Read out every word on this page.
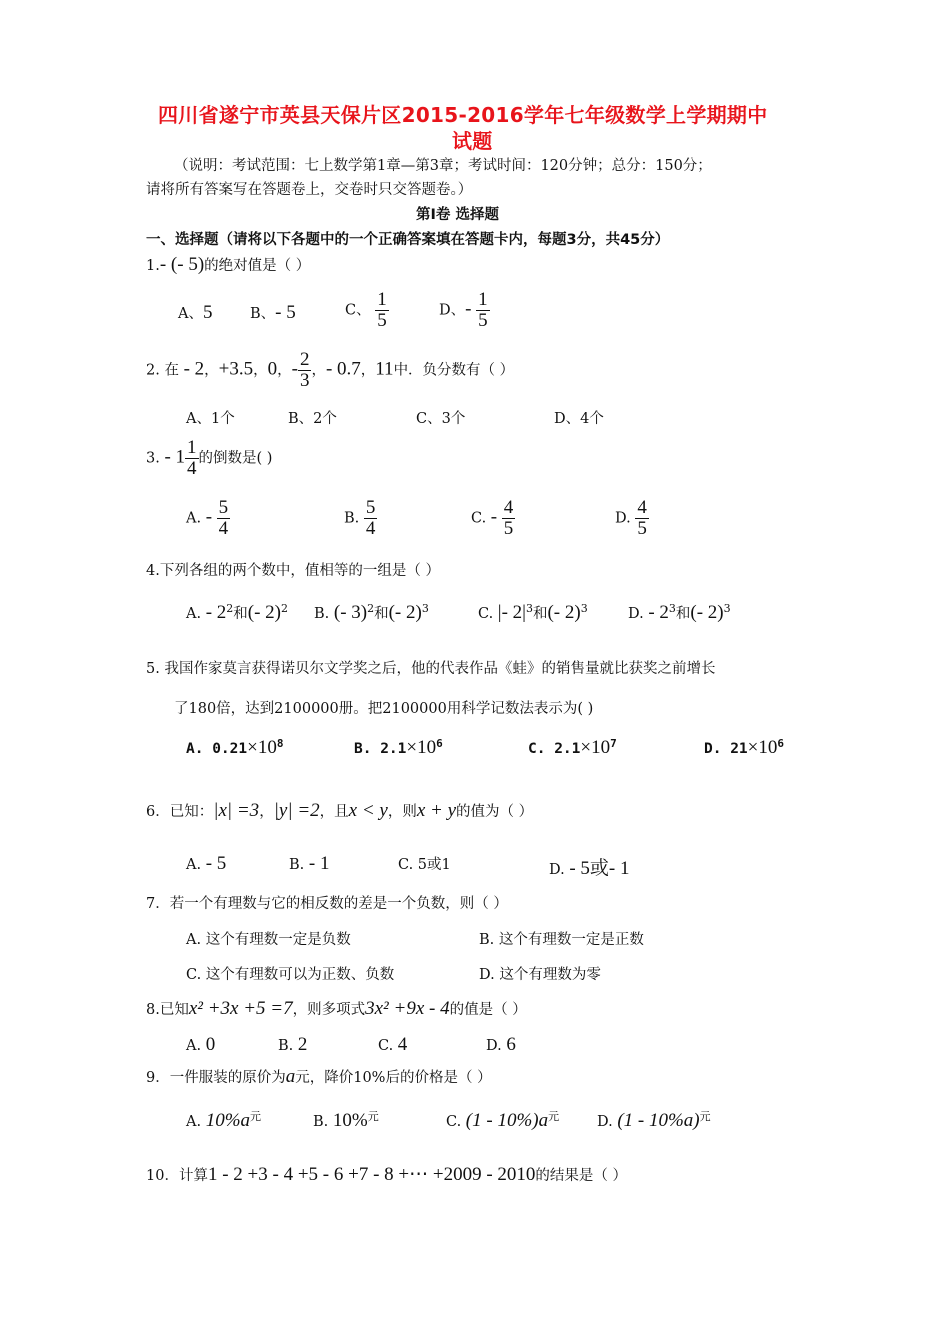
四川省遂宁市英县天保片区2015-2016学年七年级数学上学期期中
试题
（说明：考试范围：七上数学第1章—第3章；考试时间：120分钟；总分：150分；
请将所有答案写在答题卷上，交卷时只交答题卷。）
第Ⅰ卷 选择题
一、选择题（请将以下各题中的一个正确答案填在答题卡内，每题3分，共45分）
1.- (- 5)的绝对值是（ ）
A、5	B、- 5	C、 $\frac{1}{5}$	D、- $\frac{1}{5}$
2. 在 - 2，+3.5，0，- $\frac{2}{3}$ ，- 0.7，11中．负分数有（ ）
A、1个	B、2个	C、3个	D、4个
3. - $1 \frac{1}{4}$ 的倒数是( )
A. - $\frac{5}{4}$	B. $\frac{5}{4}$	C. - $\frac{4}{5}$	D. $\frac{4}{5}$
4.下列各组的两个数中，值相等的一组是（ ）
A. - $2^2$和(- 2)$^2$ B. (- 3)$^2$和(- 2)$^3$	C. |- $2|^3$和(- 2)$^3$	D. - $2^3$和(- 2)$^3$
5. 我国作家莫言获得诺贝尔文学奖之后，他的代表作品《蛙》的销售量就比获奖之前增长
了180倍，达到2100000册。把2100000用科学记数法表示为( )
A. $0.21\times 10^8$	B. $2.1\times 10^6$	C. $2.1\times 10^7$	D. $21\times 10^6$
6．已知：|x| =3，|y| =2，且x < y，则x + y的值为（ ）
A. - 5	B. - 1	C. 5或1	D. - 5或- 1
7．若一个有理数与它的相反数的差是一个负数，则（ ）
A. 这个有理数一定是负数	B. 这个有理数一定是正数
C. 这个有理数可以为正数、负数	D. 这个有理数为零
8.已知x² +3x +5 =7，则多项式3x² +9x - 4的值是（ ）
A. 0	B. 2	C. 4	D. 6
9．一件服装的原价为a元，降价10%后的价格是（ ）
A. $10\%a^元$	B. 10%$^元$	C. $(1 - 10\%)a^元$	D. (1 - 10%a)$^元$
10．计算1 - 2 +3 - 4 +5 - 6 +7 - 8 +⋯ +2009 - 2010的结果是（ ）
